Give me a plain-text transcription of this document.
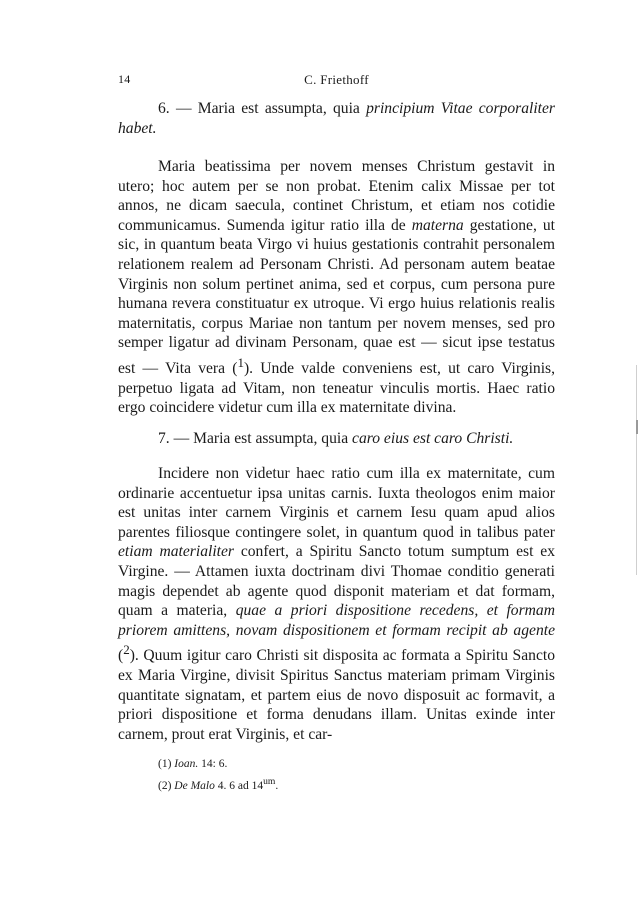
14	C. Friethoff

6. — Maria est assumpta, quia principium Vitae corporaliter habet.

Maria beatissima per novem menses Christum gestavit in utero; hoc autem per se non probat. Etenim calix Missae per tot annos, ne dicam saecula, continet Christum, et etiam nos cotidie communicamus. Sumenda igitur ratio illa de materna gestatione, ut sic, in quantum beata Virgo vi huius gestationis contrahit personalem relationem realem ad Personam Christi. Ad personam autem beatae Virginis non solum pertinet anima, sed et corpus, cum persona pure humana revera constituatur ex utroque. Vi ergo huius relationis realis maternitatis, corpus Mariae non tantum per novem menses, sed pro semper ligatur ad divinam Personam, quae est — sicut ipse testatus est — Vita vera ($^1$). Unde valde conveniens est, ut caro Virginis, perpetuo ligata ad Vitam, non teneatur vinculis mortis. Haec ratio ergo coincidere videtur cum illa ex maternitate divina.

7. — Maria est assumpta, quia caro eius est caro Christi.

Incidere non videtur haec ratio cum illa ex maternitate, cum ordinarie accentuetur ipsa unitas carnis. Iuxta theologos enim maior est unitas inter carnem Virginis et carnem Iesu quam apud alios parentes filiosque contingere solet, in quantum quod in talibus pater etiam materialiter confert, a Spiritu Sancto totum sumptum est ex Virgine. — Attamen iuxta doctrinam divi Thomae conditio generati magis dependet ab agente quod disponit materiam et dat formam, quam a materia, quae a priori dispositione recedens, et formam priorem amittens, novam dispositionem et formam recipit ab agente ($^2$). Quum igitur caro Christi sit disposita ac formata a Spiritu Sancto ex Maria Virgine, divisit Spiritus Sanctus materiam primam Virginis quantitate signatam, et partem eius de novo disposuit ac formavit, a priori dispositione et forma denudans illam. Unitas exinde inter carnem, prout erat Virginis, et car-

(1) Ioan. 14: 6.
(2) De Malo 4. 6 ad $14^{um}$.
